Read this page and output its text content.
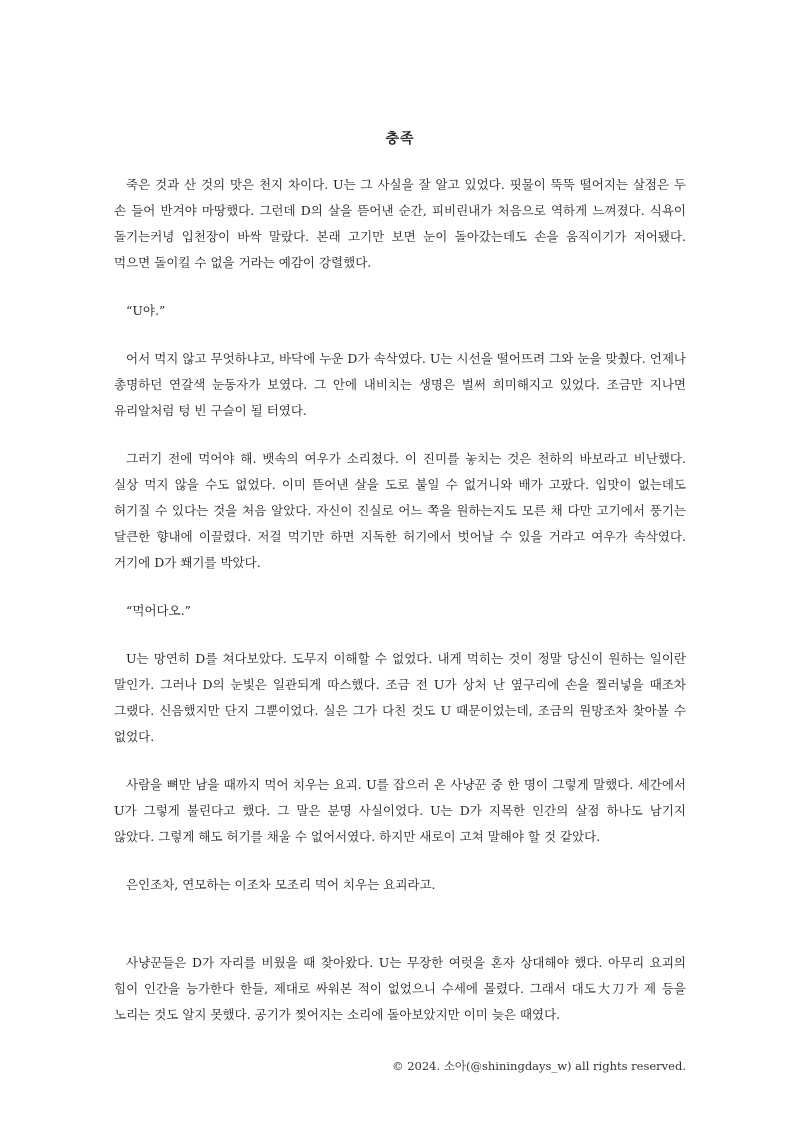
충족

죽은 것과 산 것의 맛은 천지 차이다. U는 그 사실을 잘 알고 있었다. 핏물이 뚝뚝 떨어지는 살점은 두 손 들어 반겨야 마땅했다. 그런데 D의 살을 뜯어낸 순간, 피비린내가 처음으로 역하게 느껴졌다. 식욕이 돌기는커녕 입천장이 바싹 말랐다. 본래 고기만 보면 눈이 돌아갔는데도 손을 움직이기가 저어됐다. 먹으면 돌이킬 수 없을 거라는 예감이 강렬했다.

“U야.”

어서 먹지 않고 무엇하냐고, 바닥에 누운 D가 속삭였다. U는 시선을 떨어뜨려 그와 눈을 맞췄다. 언제나 총명하던 연갈색 눈동자가 보였다. 그 안에 내비치는 생명은 벌써 희미해지고 있었다. 조금만 지나면 유리알처럼 텅 빈 구슬이 될 터였다.

그러기 전에 먹어야 해. 뱃속의 여우가 소리쳤다. 이 진미를 놓치는 것은 천하의 바보라고 비난했다. 실상 먹지 않을 수도 없었다. 이미 뜯어낸 살을 도로 붙일 수 없거니와 배가 고팠다. 입맛이 없는데도 허기질 수 있다는 것을 처음 알았다. 자신이 진실로 어느 쪽을 원하는지도 모른 채 다만 고기에서 풍기는 달큰한 향내에 이끌렸다. 저걸 먹기만 하면 지독한 허기에서 벗어날 수 있을 거라고 여우가 속삭였다. 거기에 D가 쐐기를 박았다.

“먹어다오.”

U는 망연히 D를 쳐다보았다. 도무지 이해할 수 없었다. 내게 먹히는 것이 정말 당신이 원하는 일이란 말인가. 그러나 D의 눈빛은 일관되게 따스했다. 조금 전 U가 상처 난 옆구리에 손을 찔러넣을 때조차 그랬다. 신음했지만 단지 그뿐이었다. 실은 그가 다친 것도 U 때문이었는데, 조금의 원망조차 찾아볼 수 없었다.

사람을 뼈만 남을 때까지 먹어 치우는 요괴. U를 잡으러 온 사냥꾼 중 한 명이 그렇게 말했다. 세간에서 U가 그렇게 불린다고 했다. 그 말은 분명 사실이었다. U는 D가 지목한 인간의 살점 하나도 남기지 않았다. 그렇게 해도 허기를 채울 수 없어서였다. 하지만 새로이 고쳐 말해야 할 것 같았다.

은인조차, 연모하는 이조차 모조리 먹어 치우는 요괴라고.

사냥꾼들은 D가 자리를 비웠을 때 찾아왔다. U는 무장한 여럿을 혼자 상대해야 했다. 아무리 요괴의 힘이 인간을 능가한다 한들, 제대로 싸워본 적이 없었으니 수세에 몰렸다. 그래서 대도大刀가 제 등을 노리는 것도 알지 못했다. 공기가 찢어지는 소리에 돌아보았지만 이미 늦은 때였다.

© 2024. 소아(@shiningdays_w) all rights reserved.
